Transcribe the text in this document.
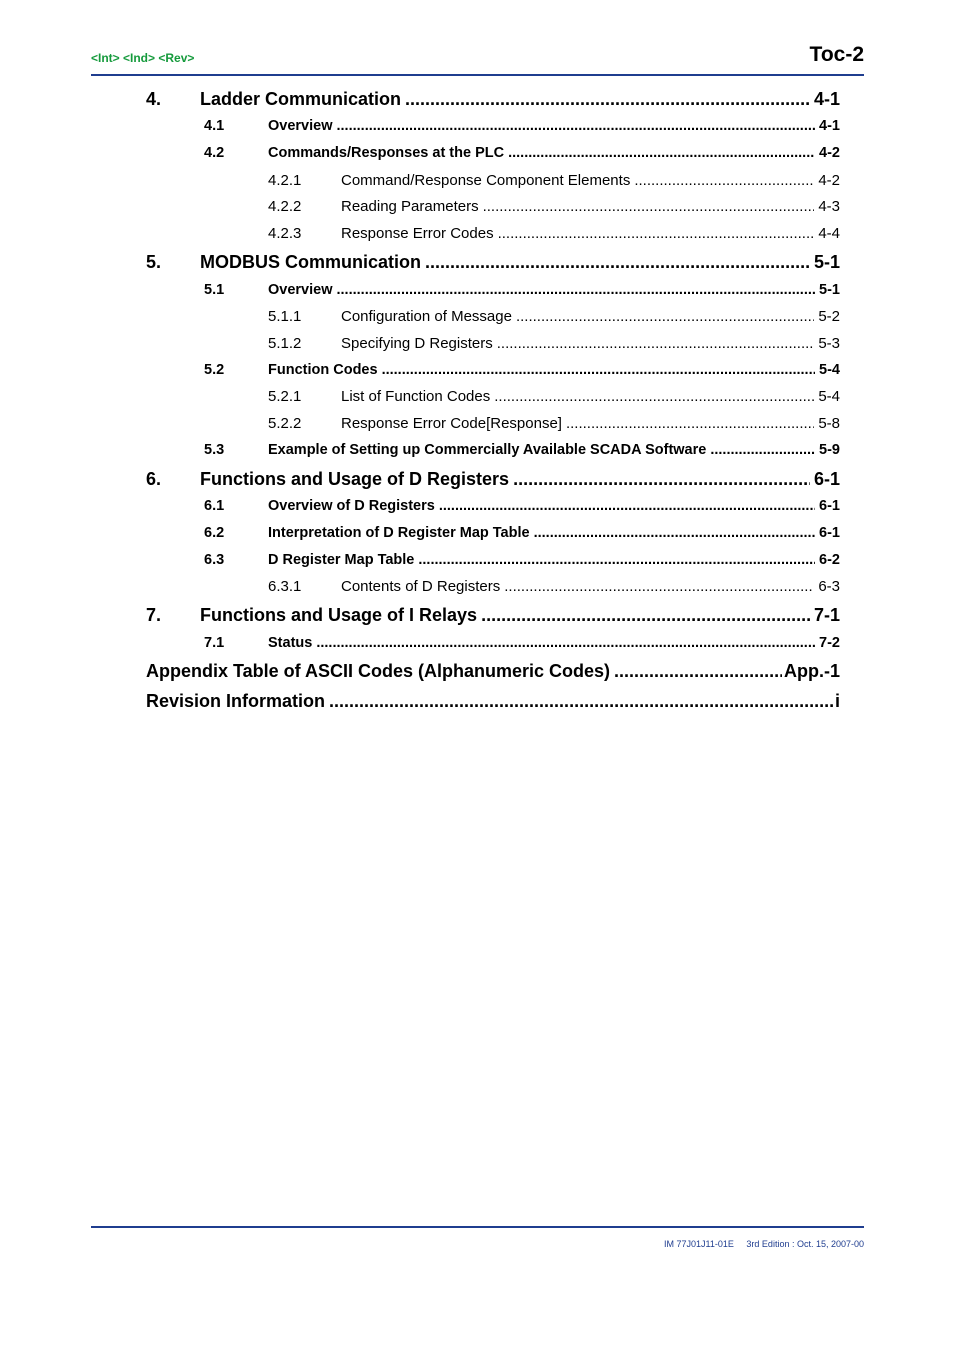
<Int> <Ind> <Rev>	Toc-2
4.	Ladder Communication .....	4-1
4.1	Overview .....	4-1
4.2	Commands/Responses at the PLC .....	4-2
4.2.1	Command/Response Component Elements .....	4-2
4.2.2	Reading Parameters .....	4-3
4.2.3	Response Error Codes .....	4-4
5.	MODBUS Communication .....	5-1
5.1	Overview .....	5-1
5.1.1	Configuration of Message .....	5-2
5.1.2	Specifying D Registers .....	5-3
5.2	Function Codes .....	5-4
5.2.1	List of Function Codes .....	5-4
5.2.2	Response Error Code[Response] .....	5-8
5.3	Example of Setting up Commercially Available SCADA Software .....	5-9
6.	Functions and Usage of D Registers .....	6-1
6.1	Overview of D Registers .....	6-1
6.2	Interpretation of D Register Map Table .....	6-1
6.3	D Register Map Table .....	6-2
6.3.1	Contents of D Registers .....	6-3
7.	Functions and Usage of I Relays .....	7-1
7.1	Status .....	7-2
Appendix Table of ASCII Codes (Alphanumeric Codes) .....	App.-1
Revision Information .....	i
IM 77J01J11-01E 3rd Edition : Oct. 15, 2007-00
